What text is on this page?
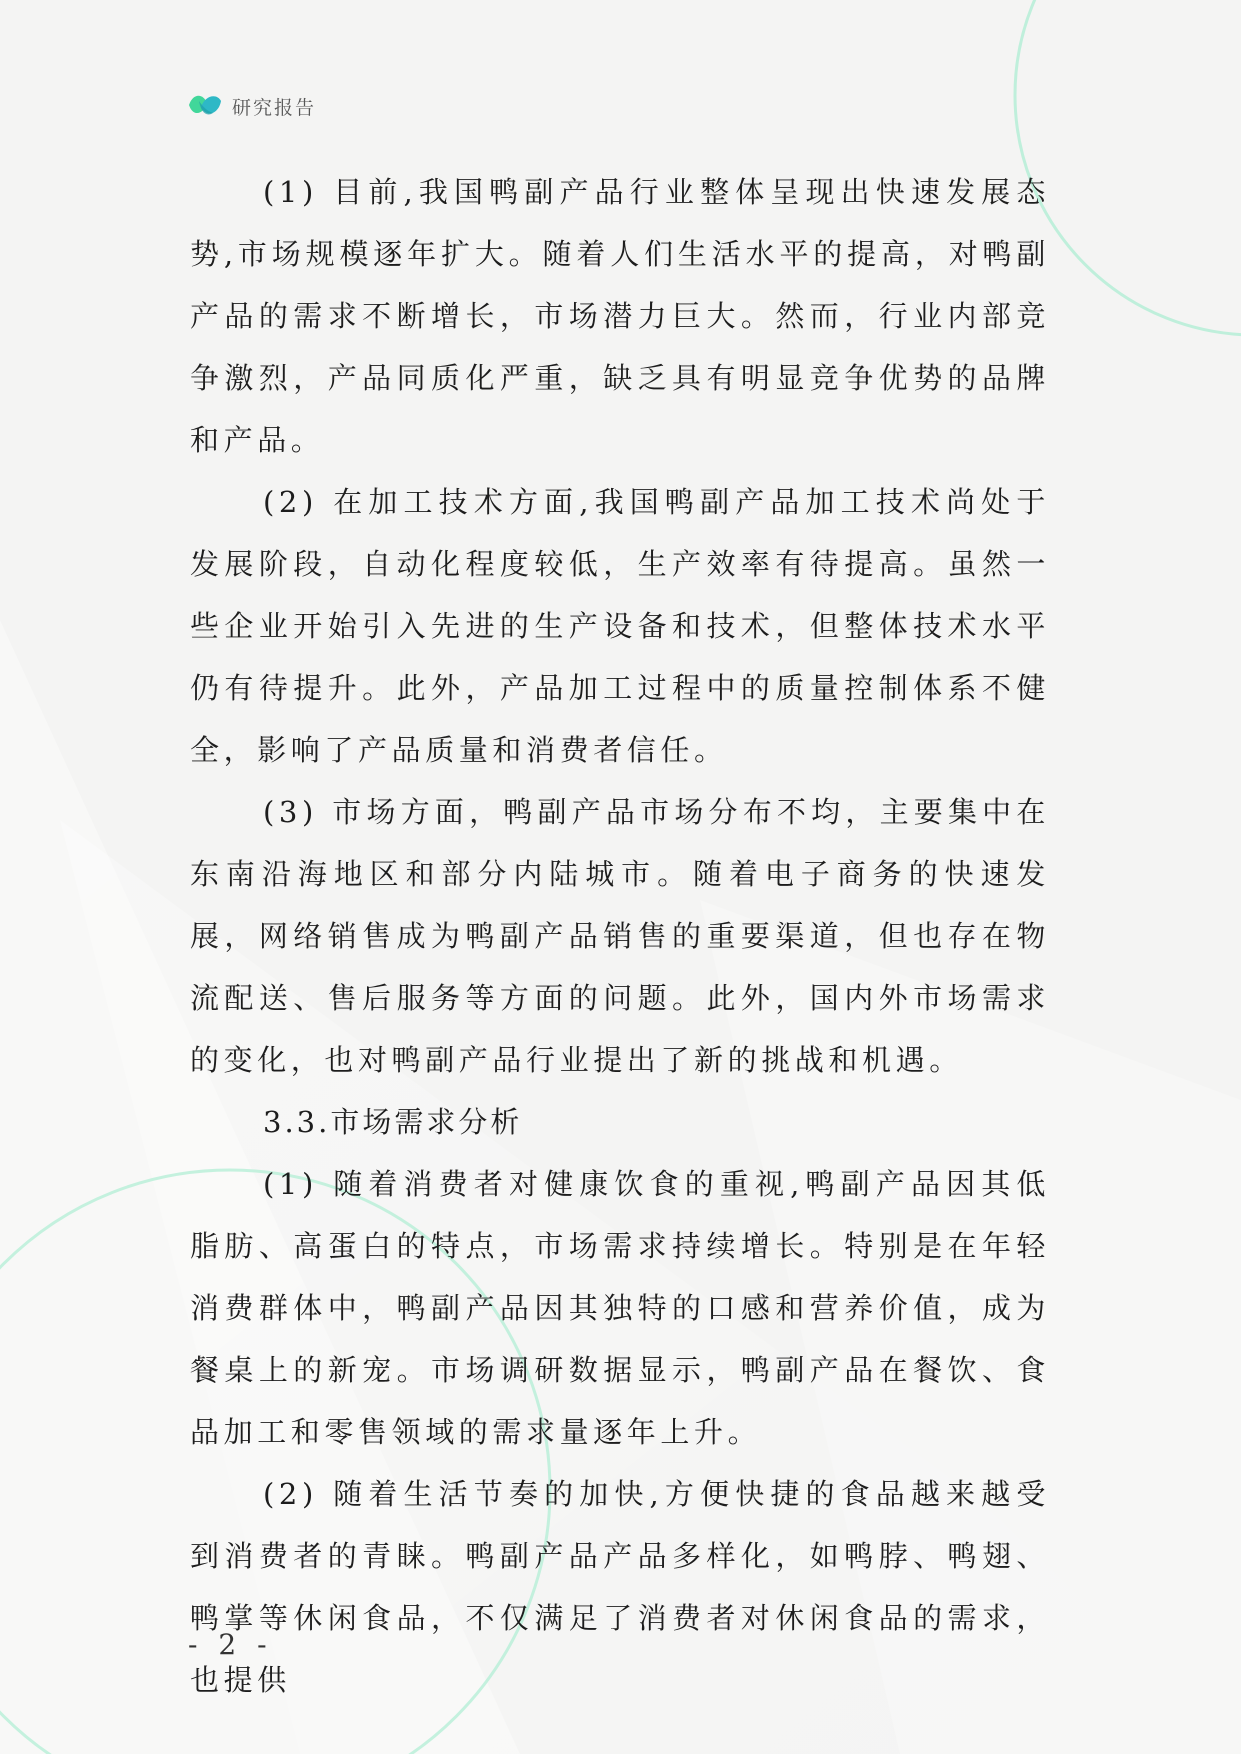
研究报告

(1) 目前,我国鸭副产品行业整体呈现出快速发展态势,市场规模逐年扩大。随着人们生活水平的提高，对鸭副产品的需求不断增长，市场潜力巨大。然而，行业内部竞争激烈，产品同质化严重，缺乏具有明显竞争优势的品牌和产品。

(2) 在加工技术方面,我国鸭副产品加工技术尚处于发展阶段，自动化程度较低，生产效率有待提高。虽然一些企业开始引入先进的生产设备和技术，但整体技术水平仍有待提升。此外，产品加工过程中的质量控制体系不健全，影响了产品质量和消费者信任。

(3) 市场方面，鸭副产品市场分布不均，主要集中在东南沿海地区和部分内陆城市。随着电子商务的快速发展，网络销售成为鸭副产品销售的重要渠道，但也存在物流配送、售后服务等方面的问题。此外，国内外市场需求的变化，也对鸭副产品行业提出了新的挑战和机遇。

3.3.市场需求分析

(1) 随着消费者对健康饮食的重视,鸭副产品因其低脂肪、高蛋白的特点，市场需求持续增长。特别是在年轻消费群体中，鸭副产品因其独特的口感和营养价值，成为餐桌上的新宠。市场调研数据显示，鸭副产品在餐饮、食品加工和零售领域的需求量逐年上升。

(2) 随着生活节奏的加快,方便快捷的食品越来越受到消费者的青睐。鸭副产品产品多样化，如鸭脖、鸭翅、鸭掌等休闲食品，不仅满足了消费者对休闲食品的需求，也提供

- 2 -
